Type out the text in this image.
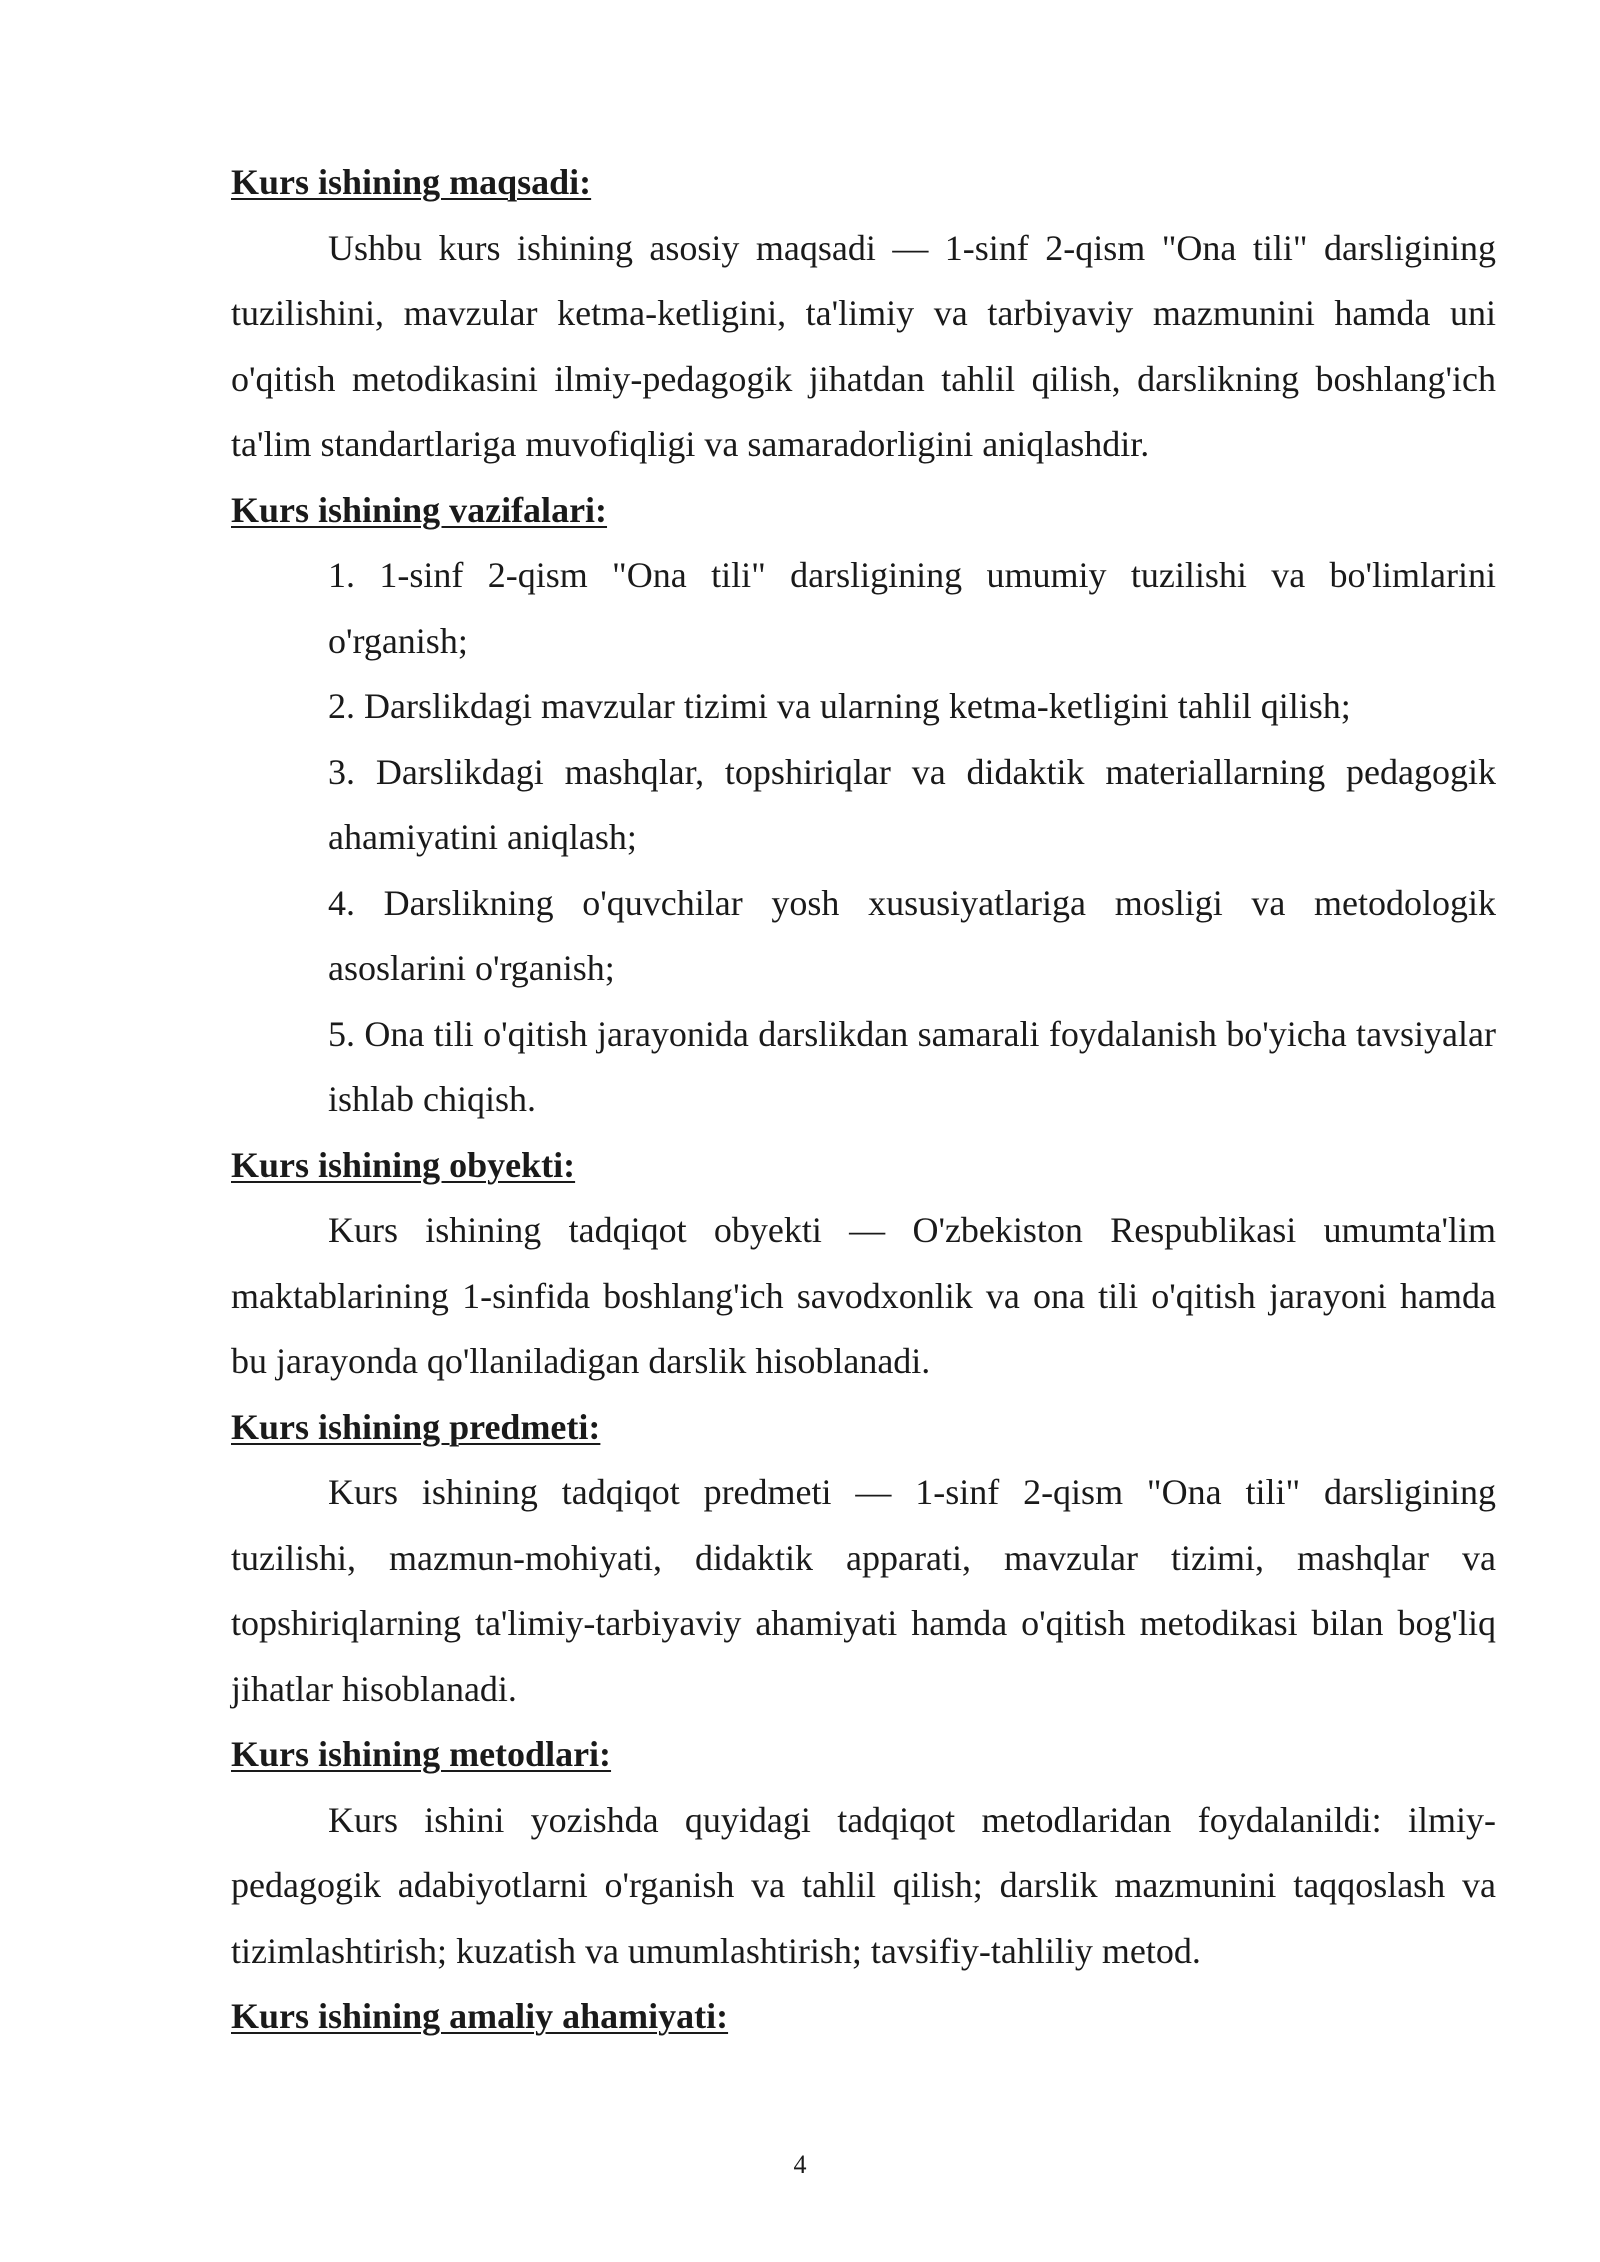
Kurs ishining maqsadi:

Ushbu kurs ishining asosiy maqsadi — 1-sinf 2-qism "Ona tili" darsligining tuzilishini, mavzular ketma-ketligini, ta'limiy va tarbiyaviy mazmunini hamda uni o'qitish metodikasini ilmiy-pedagogik jihatdan tahlil qilish, darslikning boshlang'ich ta'lim standartlariga muvofiqligi va samaradorligini aniqlashdir.

Kurs ishining vazifalari:

1. 1-sinf 2-qism "Ona tili" darsligining umumiy tuzilishi va bo'limlarini o'rganish;
2. Darslikdagi mavzular tizimi va ularning ketma-ketligini tahlil qilish;
3. Darslikdagi mashqlar, topshiriqlar va didaktik materiallarning pedagogik ahamiyatini aniqlash;
4. Darslikning o'quvchilar yosh xususiyatlariga mosligi va metodologik asoslarini o'rganish;
5. Ona tili o'qitish jarayonida darslikdan samarali foydalanish bo'yicha tavsiyalar ishlab chiqish.

Kurs ishining obyekti:

Kurs ishining tadqiqot obyekti — O'zbekiston Respublikasi umumta'lim maktablarining 1-sinfida boshlang'ich savodxonlik va ona tili o'qitish jarayoni hamda bu jarayonda qo'llaniladigan darslik hisoblanadi.

Kurs ishining predmeti:

Kurs ishining tadqiqot predmeti — 1-sinf 2-qism "Ona tili" darsligining tuzilishi, mazmun-mohiyati, didaktik apparati, mavzular tizimi, mashqlar va topshiriqlarning ta'limiy-tarbiyaviy ahamiyati hamda o'qitish metodikasi bilan bog'liq jihatlar hisoblanadi.

Kurs ishining metodlari:

Kurs ishini yozishda quyidagi tadqiqot metodlaridan foydalanildi: ilmiy-pedagogik adabiyotlarni o'rganish va tahlil qilish; darslik mazmunini taqqoslash va tizimlashtirish; kuzatish va umumlashtirish; tavsifiy-tahliliy metod.

Kurs ishining amaliy ahamiyati:

4
